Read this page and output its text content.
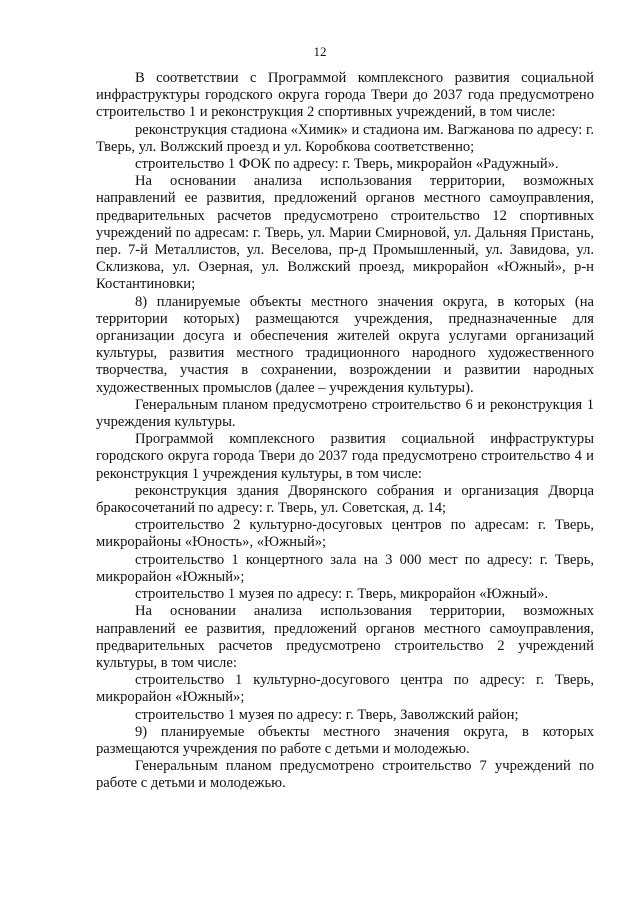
12

В соответствии с Программой комплексного развития социальной инфраструктуры городского округа города Твери до 2037 года предусмотрено строительство 1 и реконструкция 2 спортивных учреждений, в том числе:

реконструкция стадиона «Химик» и стадиона им. Вагжанова по адресу: г. Тверь, ул. Волжский проезд и ул. Коробкова соответственно;

строительство 1 ФОК по адресу: г. Тверь, микрорайон «Радужный».

На основании анализа использования территории, возможных направлений ее развития, предложений органов местного самоуправления, предварительных расчетов предусмотрено строительство 12 спортивных учреждений по адресам: г. Тверь, ул. Марии Смирновой, ул. Дальняя Пристань, пер. 7-й Металлистов, ул. Веселова, пр-д Промышленный, ул. Завидова, ул. Склизкова, ул. Озерная, ул. Волжский проезд, микрорайон «Южный», р-н Костантиновки;

8) планируемые объекты местного значения округа, в которых (на территории которых) размещаются учреждения, предназначенные для организации досуга и обеспечения жителей округа услугами организаций культуры, развития местного традиционного народного художественного творчества, участия в сохранении, возрождении и развитии народных художественных промыслов (далее – учреждения культуры).

Генеральным планом предусмотрено строительство 6 и реконструкция 1 учреждения культуры.

Программой комплексного развития социальной инфраструктуры городского округа города Твери до 2037 года предусмотрено строительство 4 и реконструкция 1 учреждения культуры, в том числе:

реконструкция здания Дворянского собрания и организация Дворца бракосочетаний по адресу: г. Тверь, ул. Советская, д. 14;

строительство 2 культурно-досуговых центров по адресам: г. Тверь, микрорайоны «Юность», «Южный»;

строительство 1 концертного зала на 3 000 мест по адресу: г. Тверь, микрорайон «Южный»;

строительство 1 музея по адресу: г. Тверь, микрорайон «Южный».

На основании анализа использования территории, возможных направлений ее развития, предложений органов местного самоуправления, предварительных расчетов предусмотрено строительство 2 учреждений культуры, в том числе:

строительство 1 культурно-досугового центра по адресу: г. Тверь, микрорайон «Южный»;

строительство 1 музея по адресу: г. Тверь, Заволжский район;

9) планируемые объекты местного значения округа, в которых размещаются учреждения по работе с детьми и молодежью.

Генеральным планом предусмотрено строительство 7 учреждений по работе с детьми и молодежью.
